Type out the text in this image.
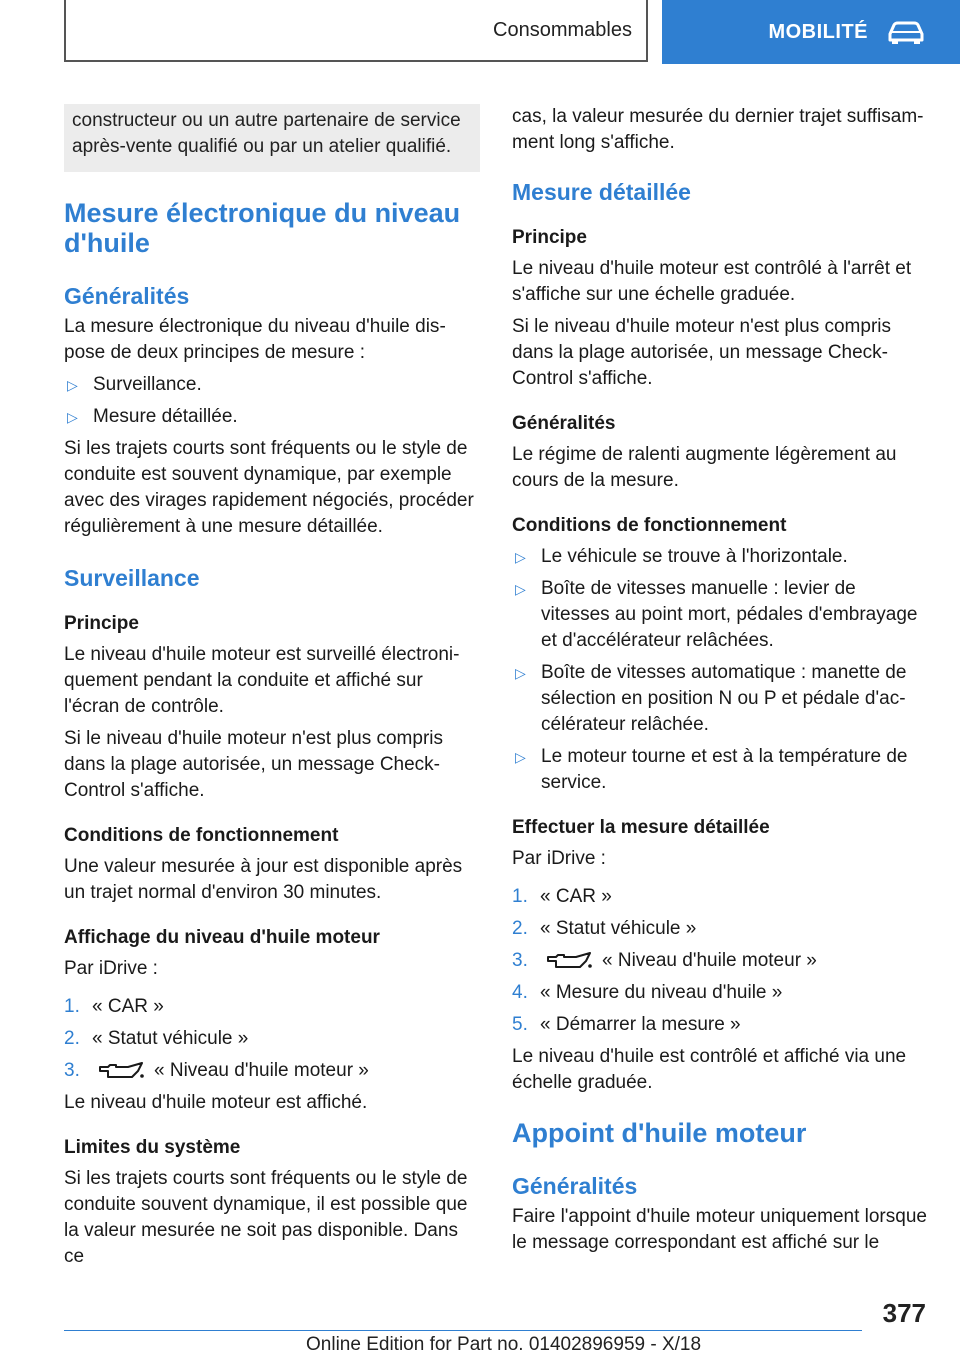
Consommables	MOBILITÉ
constructeur ou un autre partenaire de service après-vente qualifié ou par un atelier qualifié.
Mesure électronique du niveau d'huile
Généralités

La mesure électronique du niveau d'huile dispose de deux principes de mesure :

▷ Surveillance.
▷ Mesure détaillée.

Si les trajets courts sont fréquents ou le style de conduite est souvent dynamique, par exemple avec des virages rapidement négociés, procéder régulièrement à une mesure détaillée.

Surveillance
Principe

Le niveau d'huile moteur est surveillé électroniquement pendant la conduite et affiché sur l'écran de contrôle.

Si le niveau d'huile moteur n'est plus compris dans la plage autorisée, un message Check-Control s'affiche.

Conditions de fonctionnement

Une valeur mesurée à jour est disponible après un trajet normal d'environ 30 minutes.

Affichage du niveau d'huile moteur

Par iDrive :

1. « CAR »
2. « Statut véhicule »
3.	« Niveau d'huile moteur »

Le niveau d'huile moteur est affiché.

Limites du système

Si les trajets courts sont fréquents ou le style de conduite souvent dynamique, il est possible que la valeur mesurée ne soit pas disponible. Dans ce

cas, la valeur mesurée du dernier trajet suffisamment long s'affiche.

Mesure détaillée
Principe

Le niveau d'huile moteur est contrôlé à l'arrêt et s'affiche sur une échelle graduée.

Si le niveau d'huile moteur n'est plus compris dans la plage autorisée, un message Check-Control s'affiche.

Généralités

Le régime de ralenti augmente légèrement au cours de la mesure.

Conditions de fonctionnement
▷ Le véhicule se trouve à l'horizontale.
▷ Boîte de vitesses manuelle : levier de vitesses au point mort, pédales d'embrayage et d'accélérateur relâchées.
▷ Boîte de vitesses automatique : manette de sélection en position N ou P et pédale d'accélérateur relâchée.
▷ Le moteur tourne et est à la température de service.
Effectuer la mesure détaillée

Par iDrive :

1. « CAR »
2. « Statut véhicule »
3.	« Niveau d'huile moteur »
4. « Mesure du niveau d'huile »
5. « Démarrer la mesure »

Le niveau d'huile est contrôlé et affiché via une échelle graduée.

Appoint d'huile moteur
Généralités

Faire l'appoint d'huile moteur uniquement lorsque le message correspondant est affiché sur le

377
Online Edition for Part no. 01402896959 - X/18
